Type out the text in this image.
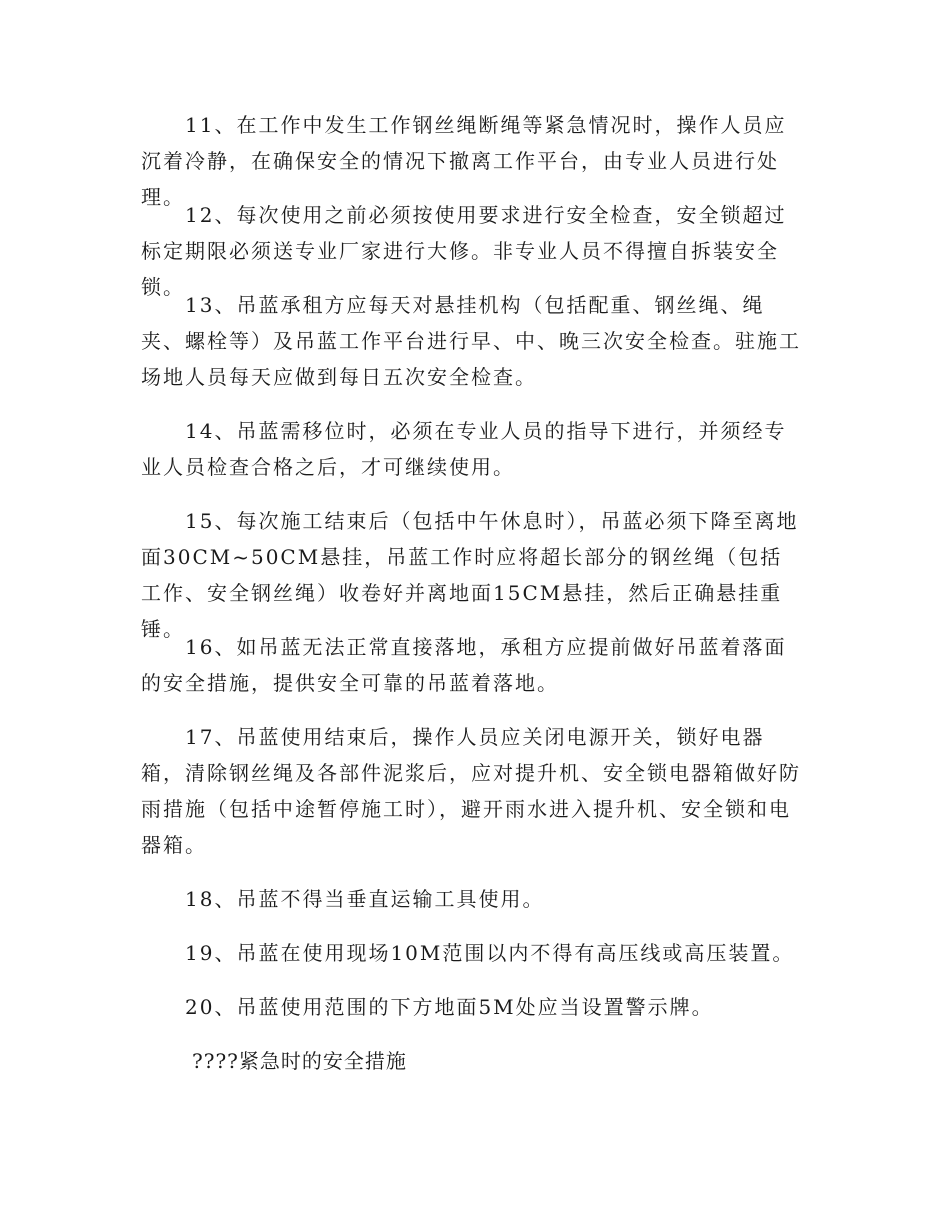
11、在工作中发生工作钢丝绳断绳等紧急情况时，操作人员应沉着冷静，在确保安全的情况下撤离工作平台，由专业人员进行处理。

12、每次使用之前必须按使用要求进行安全检查，安全锁超过标定期限必须送专业厂家进行大修。非专业人员不得擅自拆装安全锁。

13、吊蓝承租方应每天对悬挂机构（包括配重、钢丝绳、绳夹、螺栓等）及吊蓝工作平台进行早、中、晚三次安全检查。驻施工场地人员每天应做到每日五次安全检查。

14、吊蓝需移位时，必须在专业人员的指导下进行，并须经专业人员检查合格之后，才可继续使用。

15、每次施工结束后（包括中午休息时），吊蓝必须下降至离地面30CM~50CM悬挂，吊蓝工作时应将超长部分的钢丝绳（包括工作、安全钢丝绳）收卷好并离地面15CM悬挂，然后正确悬挂重锤。

16、如吊蓝无法正常直接落地，承租方应提前做好吊蓝着落面的安全措施，提供安全可靠的吊蓝着落地。

17、吊蓝使用结束后，操作人员应关闭电源开关，锁好电器箱，清除钢丝绳及各部件泥浆后，应对提升机、安全锁电器箱做好防雨措施（包括中途暂停施工时），避开雨水进入提升机、安全锁和电器箱。

18、吊蓝不得当垂直运输工具使用。

19、吊蓝在使用现场10M范围以内不得有高压线或高压装置。

20、吊蓝使用范围的下方地面5M处应当设置警示牌。

????紧急时的安全措施
